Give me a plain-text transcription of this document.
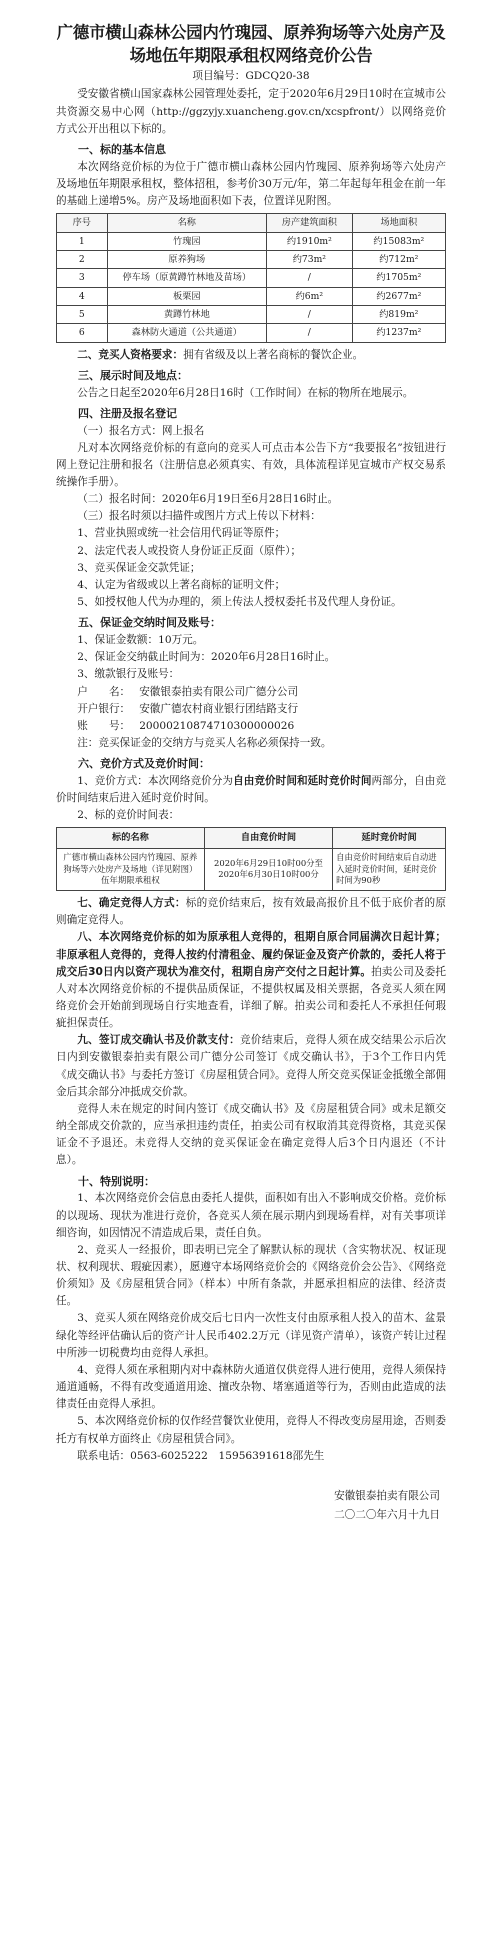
广德市横山森林公园内竹瑰园、原养狗场等六处房产及场地伍年期限承租权网络竞价公告
项目编号：GDCQ20-38

受安徽省横山国家森林公园管理处委托，定于2020年6月29日10时在宣城市公共资源交易中心网（http://ggzyjy.xuancheng.gov.cn/xcspfront/）以网络竞价方式公开出租以下标的。

一、标的基本信息

本次网络竞价标的为位于广德市横山森林公园内竹瑰园、原养狗场等六处房产及场地伍年期限承租权，整体招租，参考价30万元/年，第二年起每年租金在前一年的基础上递增5%。房产及场地面积如下表，位置详见附图。

序号	名称	房产建筑面积	场地面积
1	竹瑰园	约1910m²	约15083m²
2	原养狗场	约73m²	约712m²
3	停车场（原黄蹲竹林地及苗场）	/	约1705m²
4	板栗园	约6m²	约2677m²
5	黄蹲竹林地	/	约819m²
6	森林防火通道（公共通道）	/	约1237m²

二、竞买人资格要求：拥有省级及以上著名商标的餐饮企业。

三、展示时间及地点：

公告之日起至2020年6月28日16时（工作时间）在标的物所在地展示。

四、注册及报名登记

（一）报名方式：网上报名

凡对本次网络竞价标的有意向的竞买人可点击本公告下方“我要报名”按钮进行网上登记注册和报名（注册信息必须真实、有效，具体流程详见宣城市产权交易系统操作手册）。

（二）报名时间：2020年6月19日至6月28日16时止。

（三）报名时须以扫描件或图片方式上传以下材料：

1、营业执照或统一社会信用代码证等原件；

2、法定代表人或投资人身份证正反面（原件）；

3、竞买保证金交款凭证；

4、认定为省级或以上著名商标的证明文件；

5、如授权他人代为办理的，须上传法人授权委托书及代理人身份证。

五、保证金交纳时间及账号：

1、保证金数额：10万元。

2、保证金交纳截止时间为：2020年6月28日16时止。

3、缴款银行及账号：

户　　名： 安徽银泰拍卖有限公司广德分公司

开户银行： 安徽广德农村商业银行团结路支行

账　　号： 20000210874710300000026

注：竞买保证金的交纳方与竞买人名称必须保持一致。

六、竞价方式及竞价时间：

1、竞价方式：本次网络竞价分为自由竞价时间和延时竞价时间两部分，自由竞价时间结束后进入延时竞价时间。

2、标的竞价时间表：

标的名称	自由竞价时间	延时竞价时间
广德市横山森林公园内竹瑰园、原养狗场等六处房产及场地（详见附图）伍年期限承租权	2020年6月29日10时00分至2020年6月30日10时00分	自由竞价时间结束后自动进入延时竞价时间，延时竞价时间为90秒

七、确定竞得人方式：标的竞价结束后，按有效最高报价且不低于底价者的原则确定竞得人。

八、本次网络竞价标的如为原承租人竞得的，租期自原合同届满次日起计算；非原承租人竞得的，竞得人按约付清租金、履约保证金及资产价款的，委托人将于成交后30日内以资产现状为准交付，租期自房产交付之日起计算。拍卖公司及委托人对本次网络竞价标的不提供品质保证，不提供权属及相关票据，各竞买人须在网络竞价会开始前到现场自行实地查看，详细了解。拍卖公司和委托人不承担任何瑕疵担保责任。

九、签订成交确认书及价款支付：竞价结束后，竞得人须在成交结果公示后次日内到安徽银泰拍卖有限公司广德分公司签订《成交确认书》，于3个工作日内凭《成交确认书》与委托方签订《房屋租赁合同》。竞得人所交竞买保证金抵缴全部佣金后其余部分冲抵成交价款。

竞得人未在规定的时间内签订《成交确认书》及《房屋租赁合同》或未足额交纳全部成交价款的，应当承担违约责任，拍卖公司有权取消其竞得资格，其竞买保证金不予退还。未竞得人交纳的竞买保证金在确定竞得人后3个日内退还（不计息）。

十、特别说明：

1、本次网络竞价会信息由委托人提供，面积如有出入不影响成交价格。竞价标的以现场、现状为准进行竞价，各竞买人须在展示期内到现场看样，对有关事项详细咨询，如因情况不清造成后果，责任自负。

2、竞买人一经报价，即表明已完全了解默认标的现状（含实物状况、权证现状、权利现状、瑕疵因素），愿遵守本场网络竞价会的《网络竞价会公告》、《网络竞价须知》及《房屋租赁合同》（样本）中所有条款，并愿承担相应的法律、经济责任。

3、竞买人须在网络竞价成交后七日内一次性支付由原承租人投入的苗木、盆景绿化等经评估确认后的资产计人民币402.2万元（详见资产清单），该资产转让过程中所涉一切税费均由竞得人承担。

4、竞得人须在承租期内对中森林防火通道仅供竞得人进行使用，竞得人须保持通道通畅，不得有改变通道用途、擅改杂物、堵塞通道等行为，否则由此造成的法律责任由竞得人承担。

5、本次网络竞价标的仅作经营餐饮业使用，竞得人不得改变房屋用途，否则委托方有权单方面终止《房屋租赁合同》。

联系电话：0563-6025222　15956391618邵先生

安徽银泰拍卖有限公司
二〇二〇年六月十九日
